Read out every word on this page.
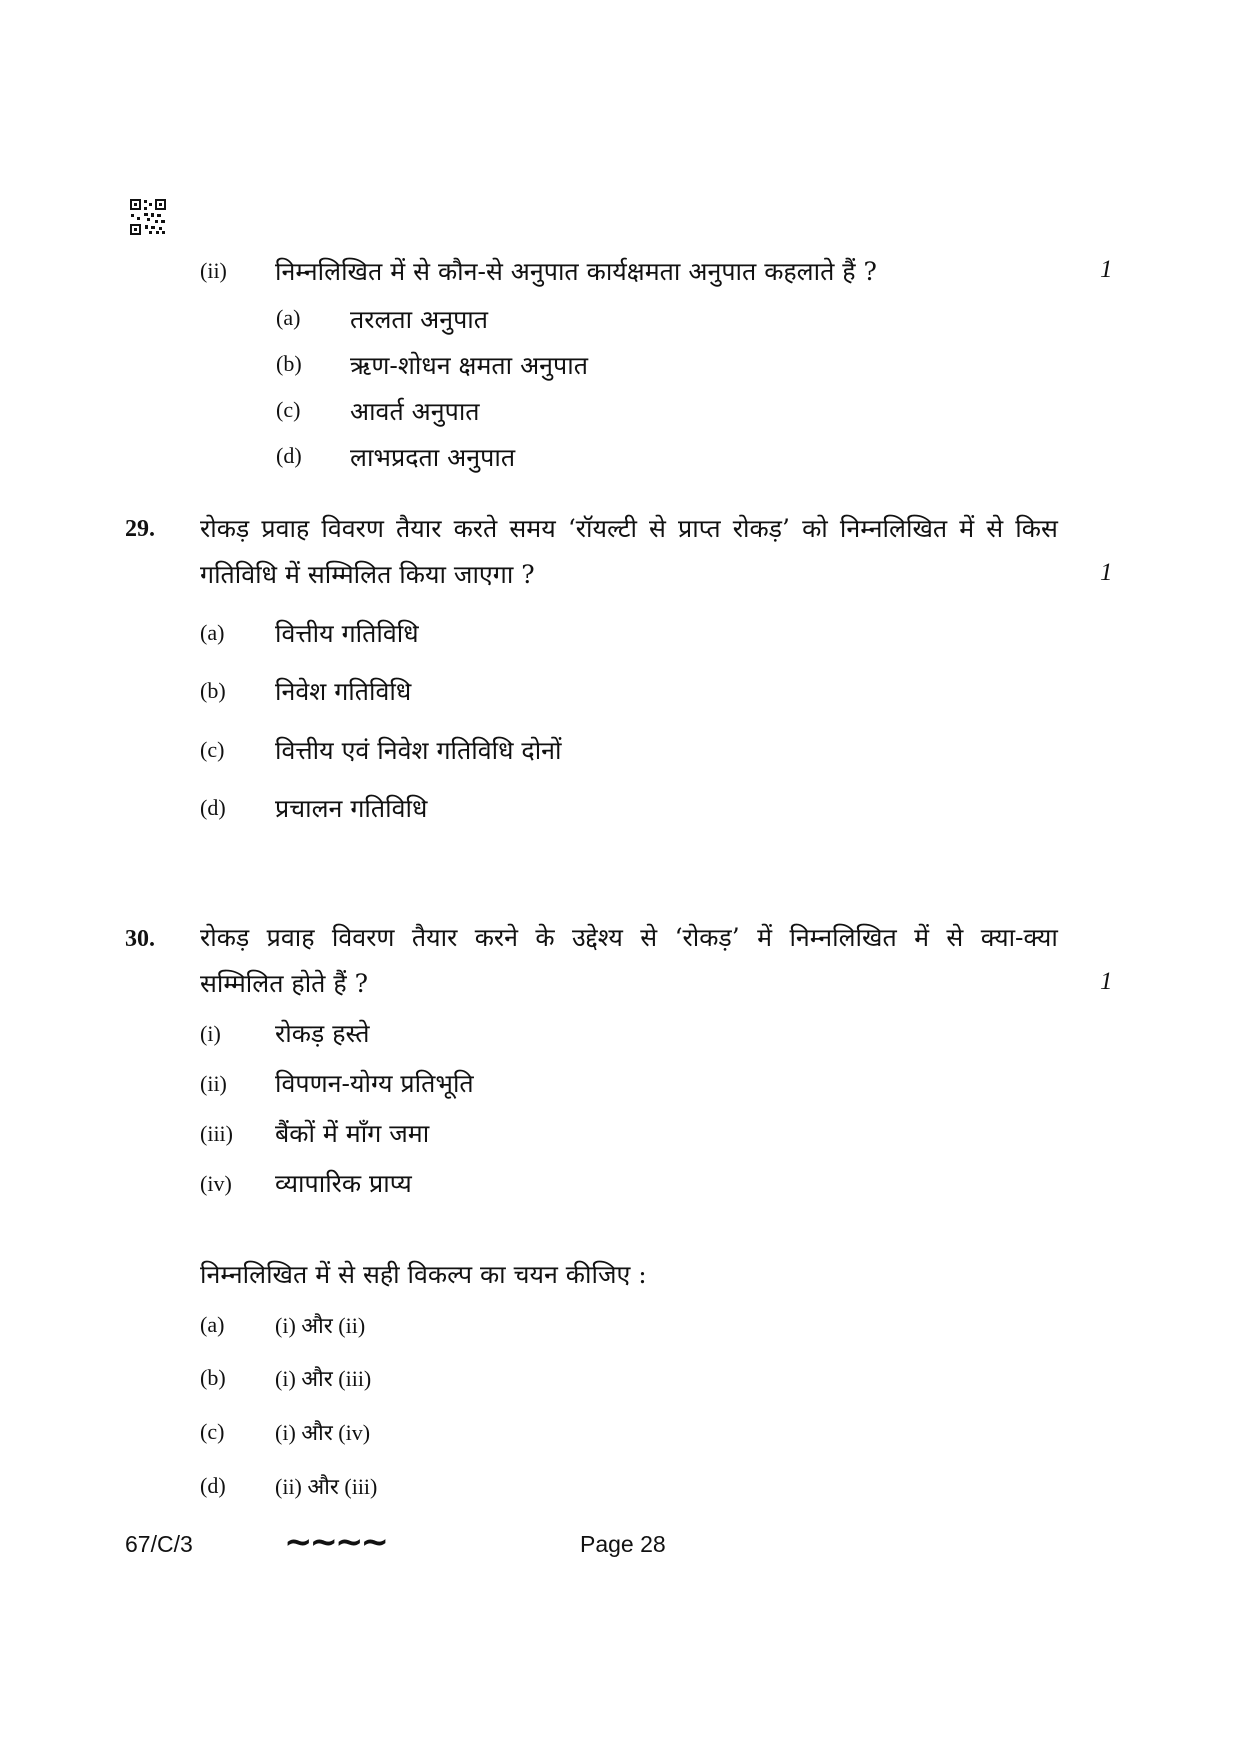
(ii) निम्नलिखित में से कौन-से अनुपात कार्यक्षमता अनुपात कहलाते हैं ?	1
(a) तरलता अनुपात
(b) ऋण-शोधन क्षमता अनुपात
(c) आवर्त अनुपात
(d) लाभप्रदता अनुपात
29. रोकड़ प्रवाह विवरण तैयार करते समय ‘रॉयल्टी से प्राप्त रोकड़’ को निम्नलिखित में से किस
गतिविधि में सम्मिलित किया जाएगा ?	1
(a) वित्तीय गतिविधि
(b) निवेश गतिविधि
(c) वित्तीय एवं निवेश गतिविधि दोनों
(d) प्रचालन गतिविधि
30. रोकड़ प्रवाह विवरण तैयार करने के उद्देश्य से ‘रोकड़’ में निम्नलिखित में से क्या-क्या
सम्मिलित होते हैं ?	1
(i) रोकड़ हस्ते
(ii) विपणन-योग्य प्रतिभूति
(iii) बैंकों में माँग जमा
(iv) व्यापारिक प्राप्य
निम्नलिखित में से सही विकल्प का चयन कीजिए :
(a) (i) और (ii)
(b) (i) और (iii)
(c) (i) और (iv)
(d) (ii) और (iii)
67/C/3	~~~~	Page 28
